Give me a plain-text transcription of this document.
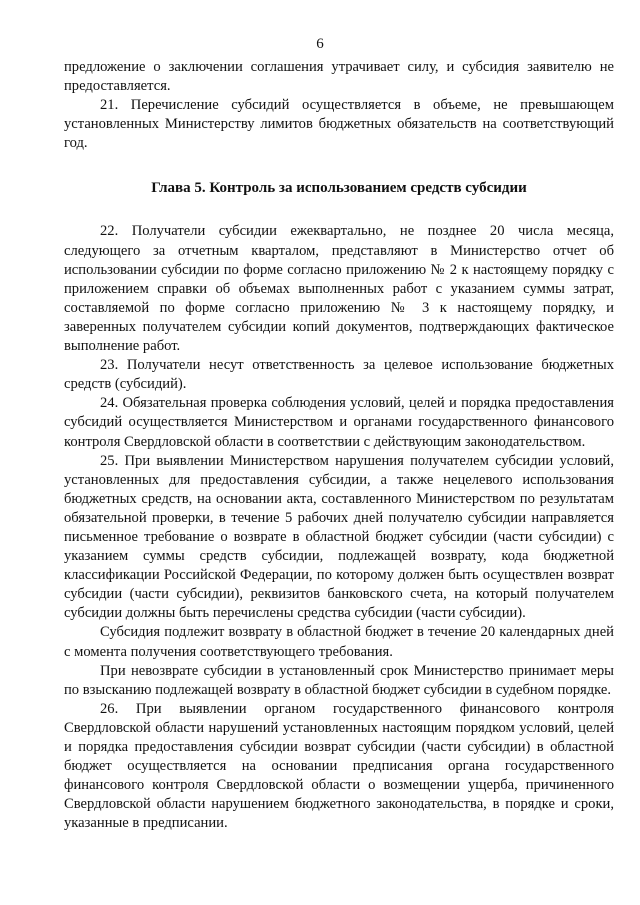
6

предложение о заключении соглашения утрачивает силу, и субсидия заявителю не предоставляется.

21. Перечисление субсидий осуществляется в объеме, не превышающем установленных Министерству лимитов бюджетных обязательств на соответствующий год.

Глава 5. Контроль за использованием средств субсидии

22. Получатели субсидии ежеквартально, не позднее 20 числа месяца, следующего за отчетным кварталом, представляют в Министерство отчет об использовании субсидии по форме согласно приложению № 2 к настоящему порядку с приложением справки об объемах выполненных работ с указанием суммы затрат, составляемой по форме согласно приложению № 3 к настоящему порядку, и заверенных получателем субсидии копий документов, подтверждающих фактическое выполнение работ.

23. Получатели несут ответственность за целевое использование бюджетных средств (субсидий).

24. Обязательная проверка соблюдения условий, целей и порядка предоставления субсидий осуществляется Министерством и органами государственного финансового контроля Свердловской области в соответствии с действующим законодательством.

25. При выявлении Министерством нарушения получателем субсидии условий, установленных для предоставления субсидии, а также нецелевого использования бюджетных средств, на основании акта, составленного Министерством по результатам обязательной проверки, в течение 5 рабочих дней получателю субсидии направляется письменное требование о возврате в областной бюджет субсидии (части субсидии) с указанием суммы средств субсидии, подлежащей возврату, кода бюджетной классификации Российской Федерации, по которому должен быть осуществлен возврат субсидии (части субсидии), реквизитов банковского счета, на который получателем субсидии должны быть перечислены средства субсидии (части субсидии).

Субсидия подлежит возврату в областной бюджет в течение 20 календарных дней с момента получения соответствующего требования.

При невозврате субсидии в установленный срок Министерство принимает меры по взысканию подлежащей возврату в областной бюджет субсидии в судебном порядке.

26. При выявлении органом государственного финансового контроля Свердловской области нарушений установленных настоящим порядком условий, целей и порядка предоставления субсидии возврат субсидии (части субсидии) в областной бюджет осуществляется на основании предписания органа государственного финансового контроля Свердловской области о возмещении ущерба, причиненного Свердловской области нарушением бюджетного законодательства, в порядке и сроки, указанные в предписании.
